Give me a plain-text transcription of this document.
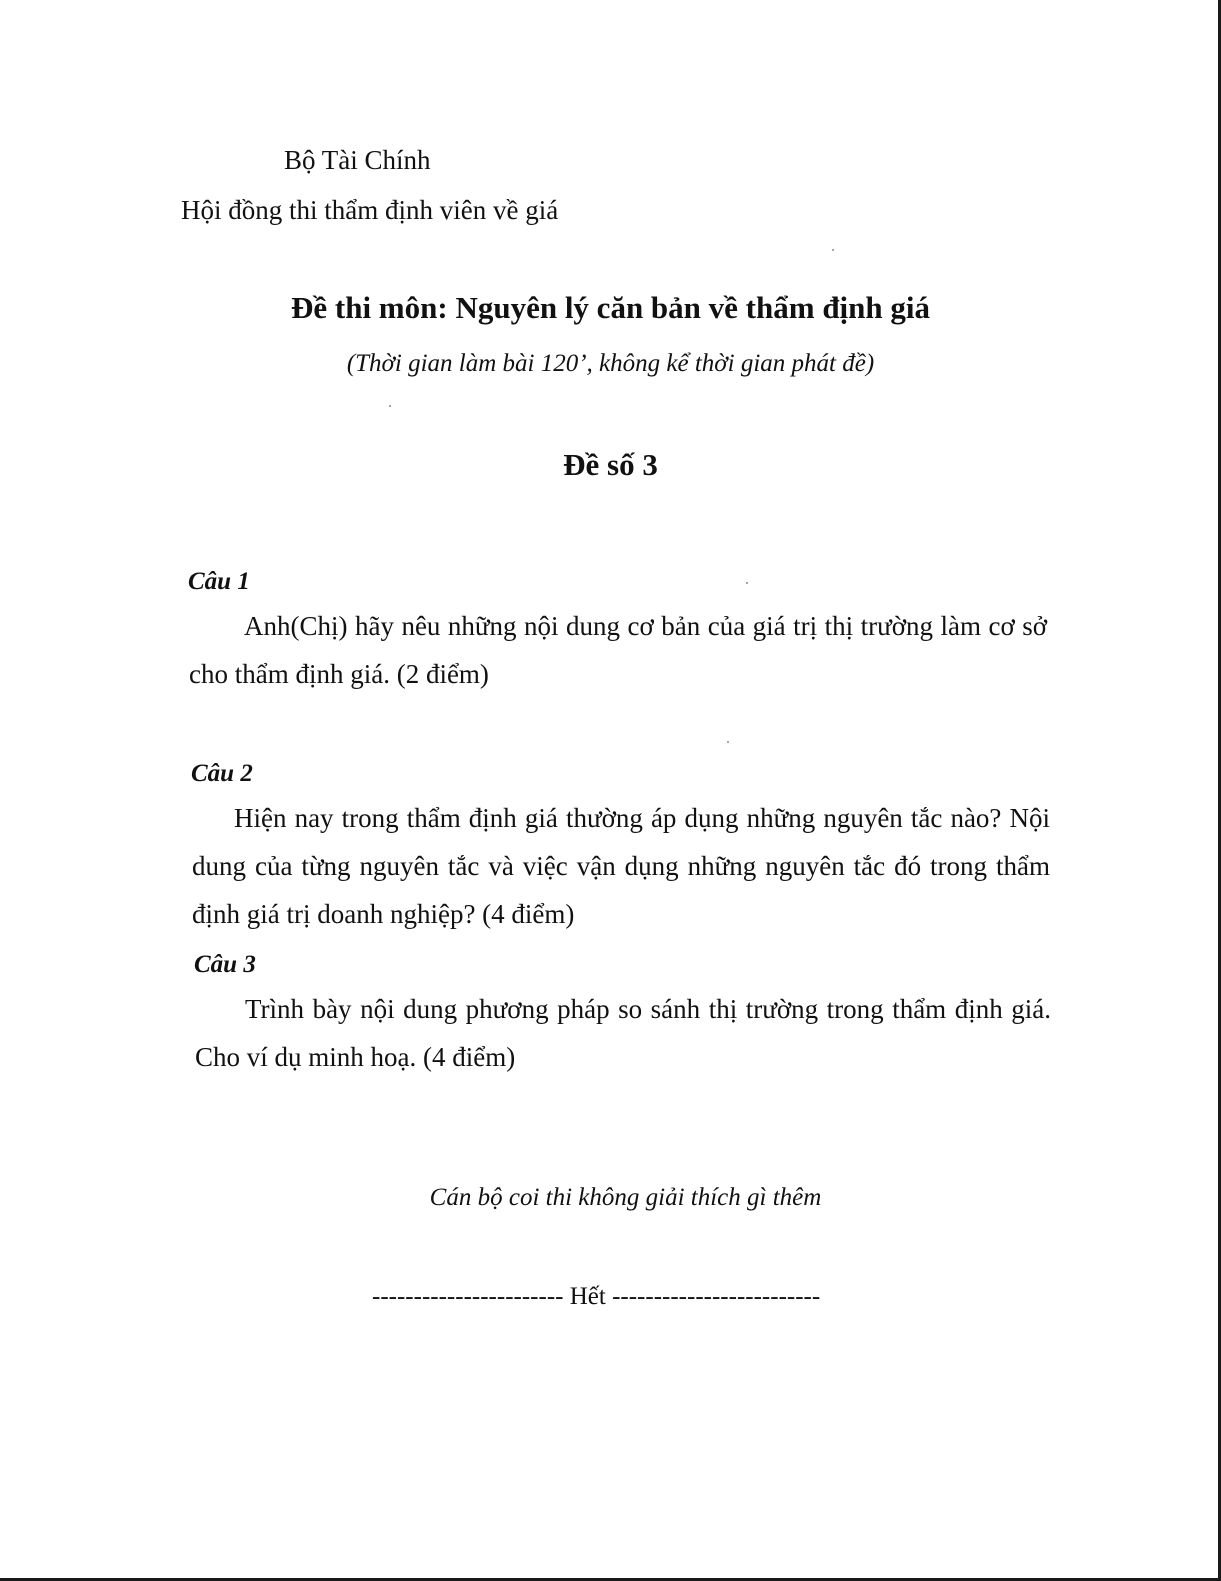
Bộ Tài Chính
Hội đồng thi thẩm định viên về giá
Đề thi môn: Nguyên lý căn bản về thẩm định giá
(Thời gian làm bài 120’, không kể thời gian phát đề)
Đề số 3
Câu 1
Anh(Chị) hãy nêu những nội dung cơ bản của giá trị thị trường làm cơ sở cho thẩm định giá. (2 điểm)
Câu 2
Hiện nay trong thẩm định giá thường áp dụng những nguyên tắc nào? Nội dung của từng nguyên tắc và việc vận dụng những nguyên tắc đó trong thẩm định giá trị doanh nghiệp? (4 điểm)
Câu 3
Trình bày nội dung phương pháp so sánh thị trường trong thẩm định giá. Cho ví dụ minh hoạ. (4 điểm)
Cán bộ coi thi không giải thích gì thêm
----------------------- Hết -------------------------
